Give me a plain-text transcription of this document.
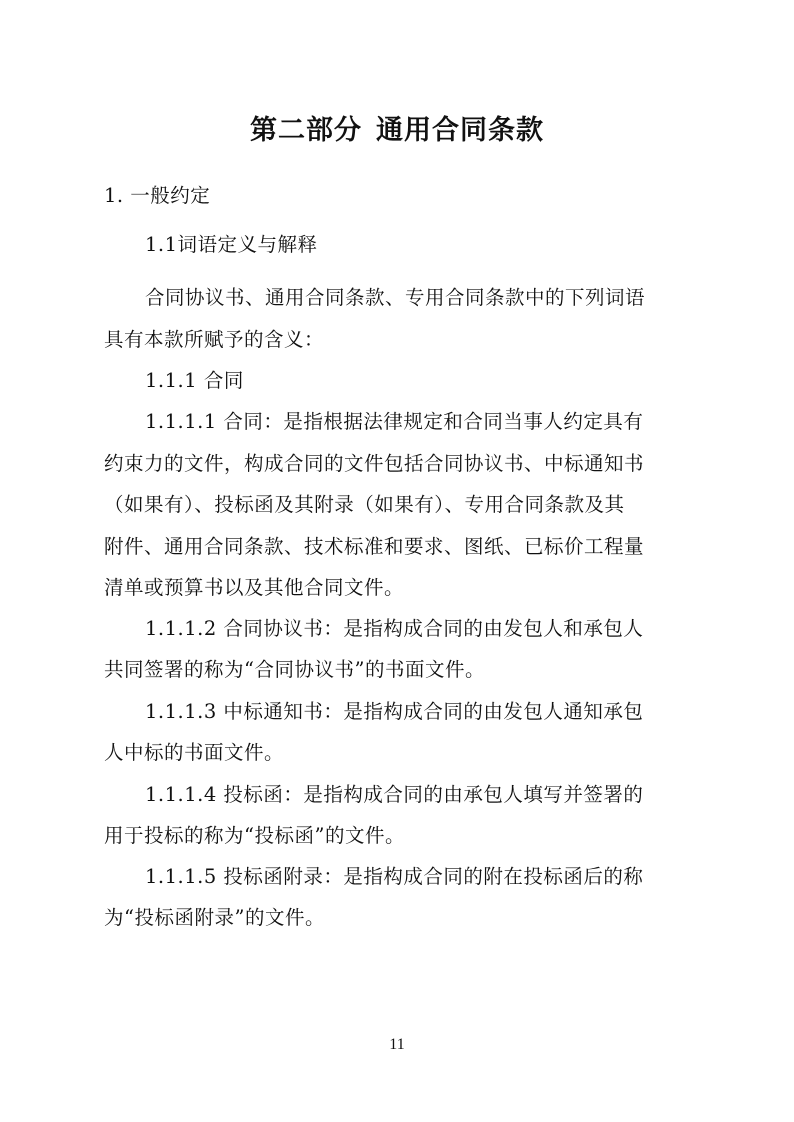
第二部分 通用合同条款
1. 一般约定
1.1词语定义与解释
合同协议书、通用合同条款、专用合同条款中的下列词语
具有本款所赋予的含义：
1.1.1 合同
1.1.1.1 合同：是指根据法律规定和合同当事人约定具有
约束力的文件，构成合同的文件包括合同协议书、中标通知书
（如果有）、投标函及其附录（如果有）、专用合同条款及其
附件、通用合同条款、技术标准和要求、图纸、已标价工程量
清单或预算书以及其他合同文件。
1.1.1.2 合同协议书：是指构成合同的由发包人和承包人
共同签署的称为“合同协议书”的书面文件。
1.1.1.3 中标通知书：是指构成合同的由发包人通知承包
人中标的书面文件。
1.1.1.4 投标函：是指构成合同的由承包人填写并签署的
用于投标的称为“投标函”的文件。
1.1.1.5 投标函附录：是指构成合同的附在投标函后的称
为“投标函附录”的文件。
11
